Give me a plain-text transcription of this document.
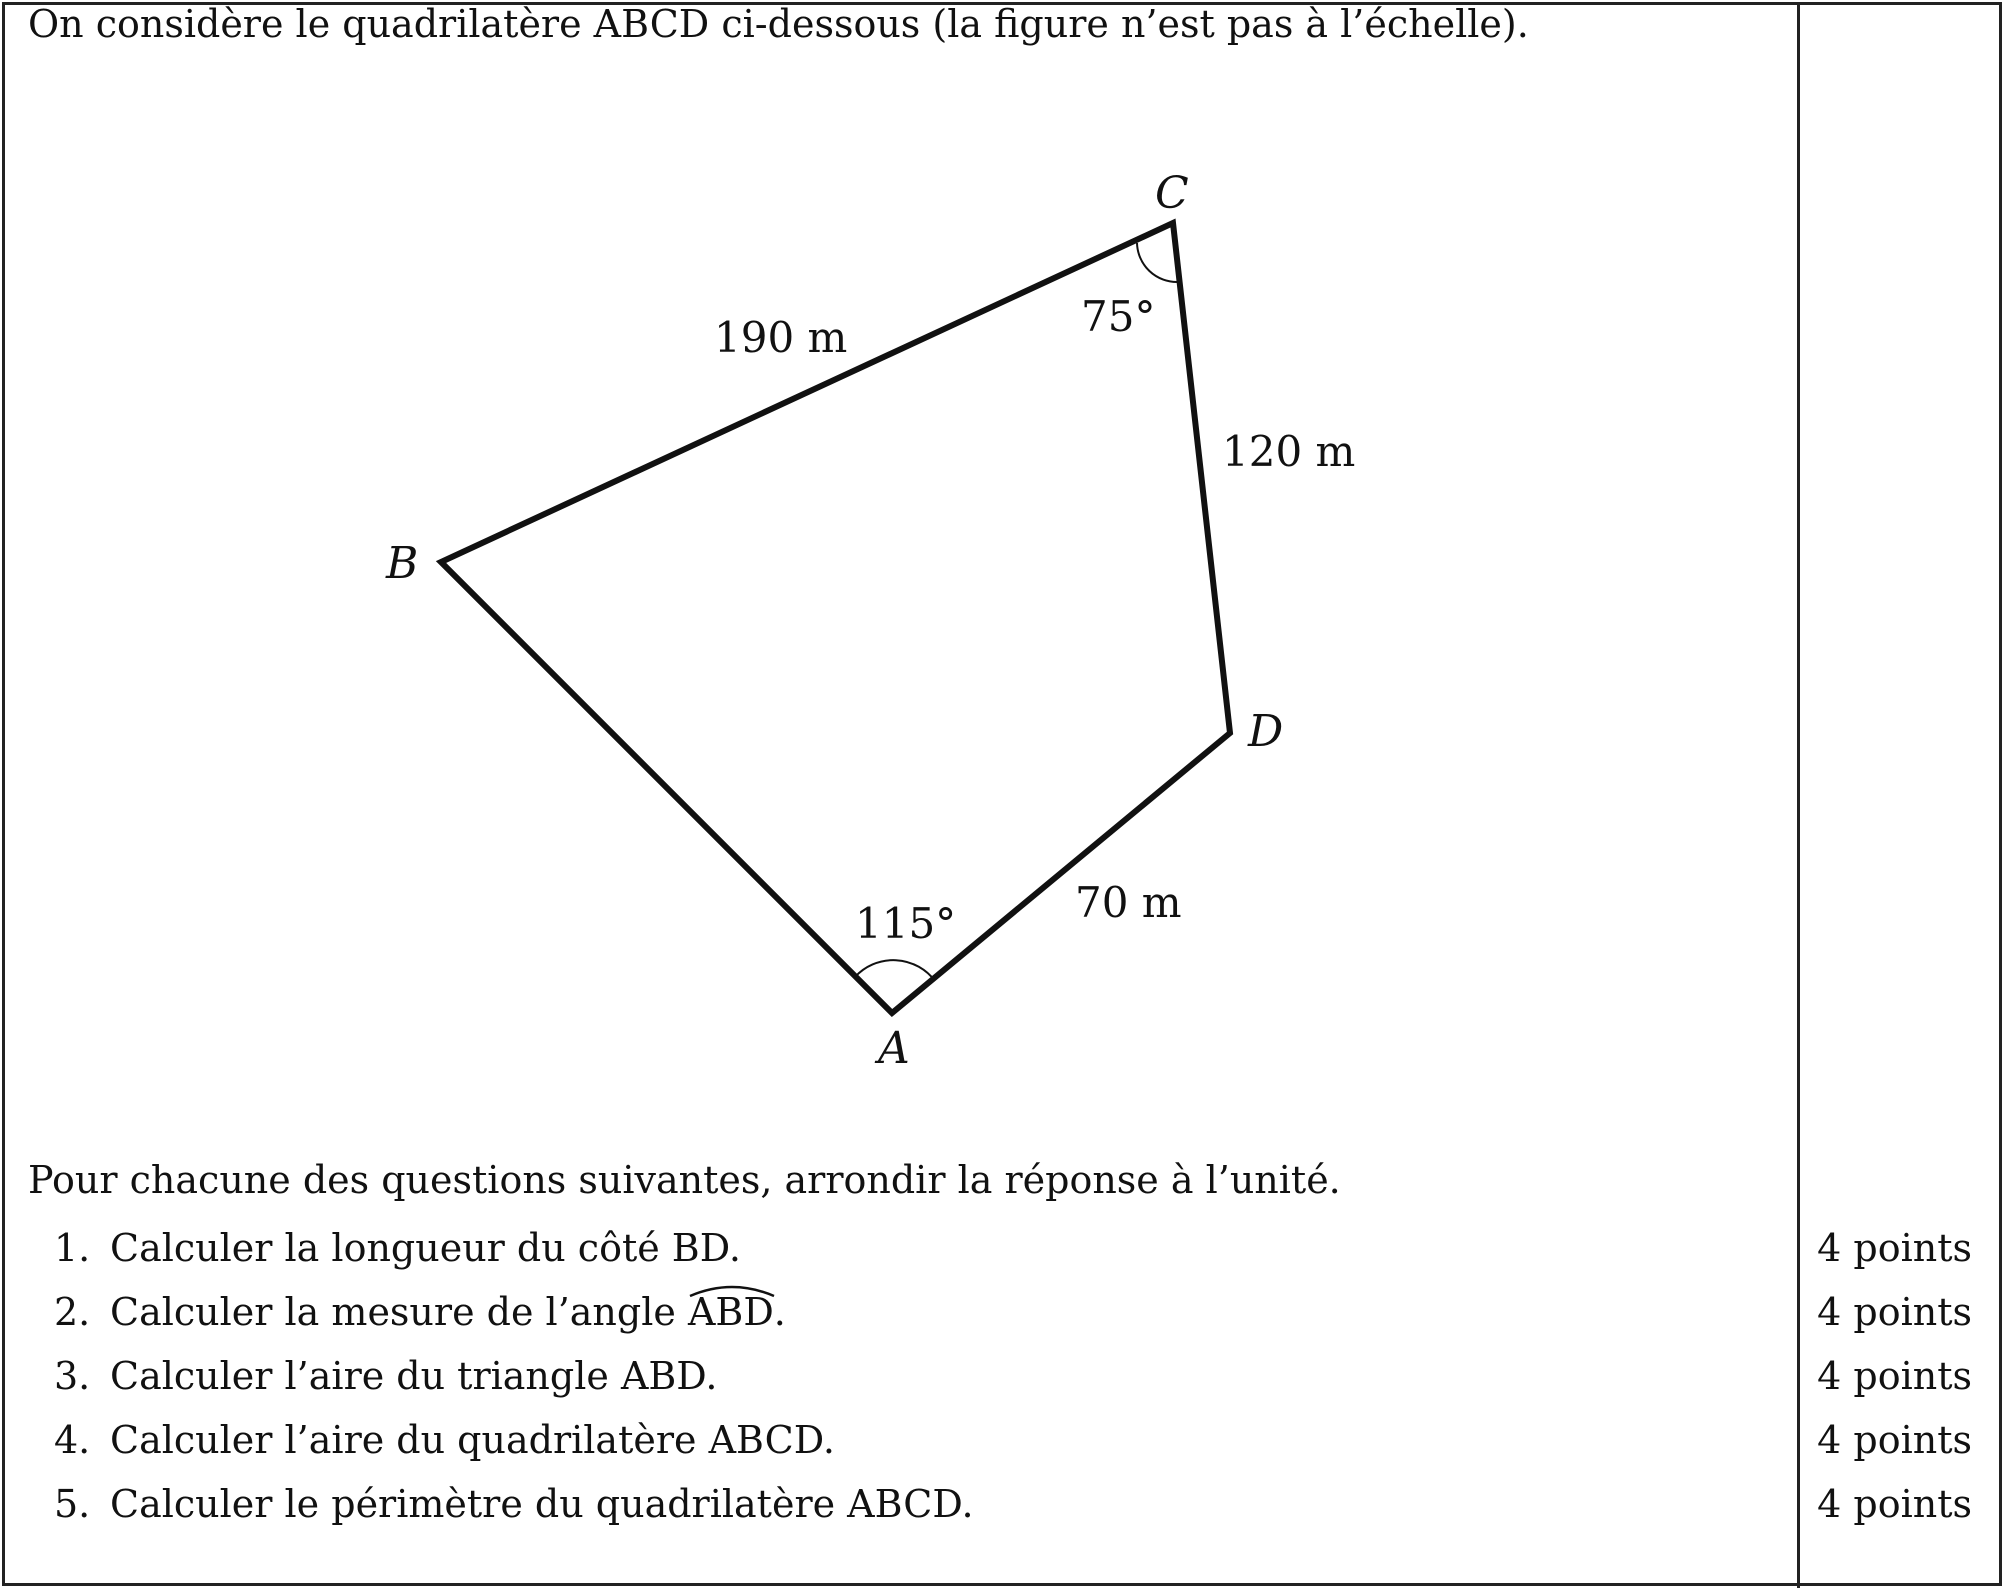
On considère le quadrilatère ABCD ci-dessous (la figure n’est pas à l’échelle).
A
B
C
D
190 m
120 m
70 m
75°
115°
Pour chacune des questions suivantes, arrondir la réponse à l’unité.
1. Calculer la longueur du côté BD.	4 points
2. Calculer la mesure de l’angle
ABD.	4 points
3. Calculer l’aire du triangle ABD.	4 points
4. Calculer l’aire du quadrilatère ABCD.	4 points
5. Calculer le périmètre du quadrilatère ABCD.	4 points
